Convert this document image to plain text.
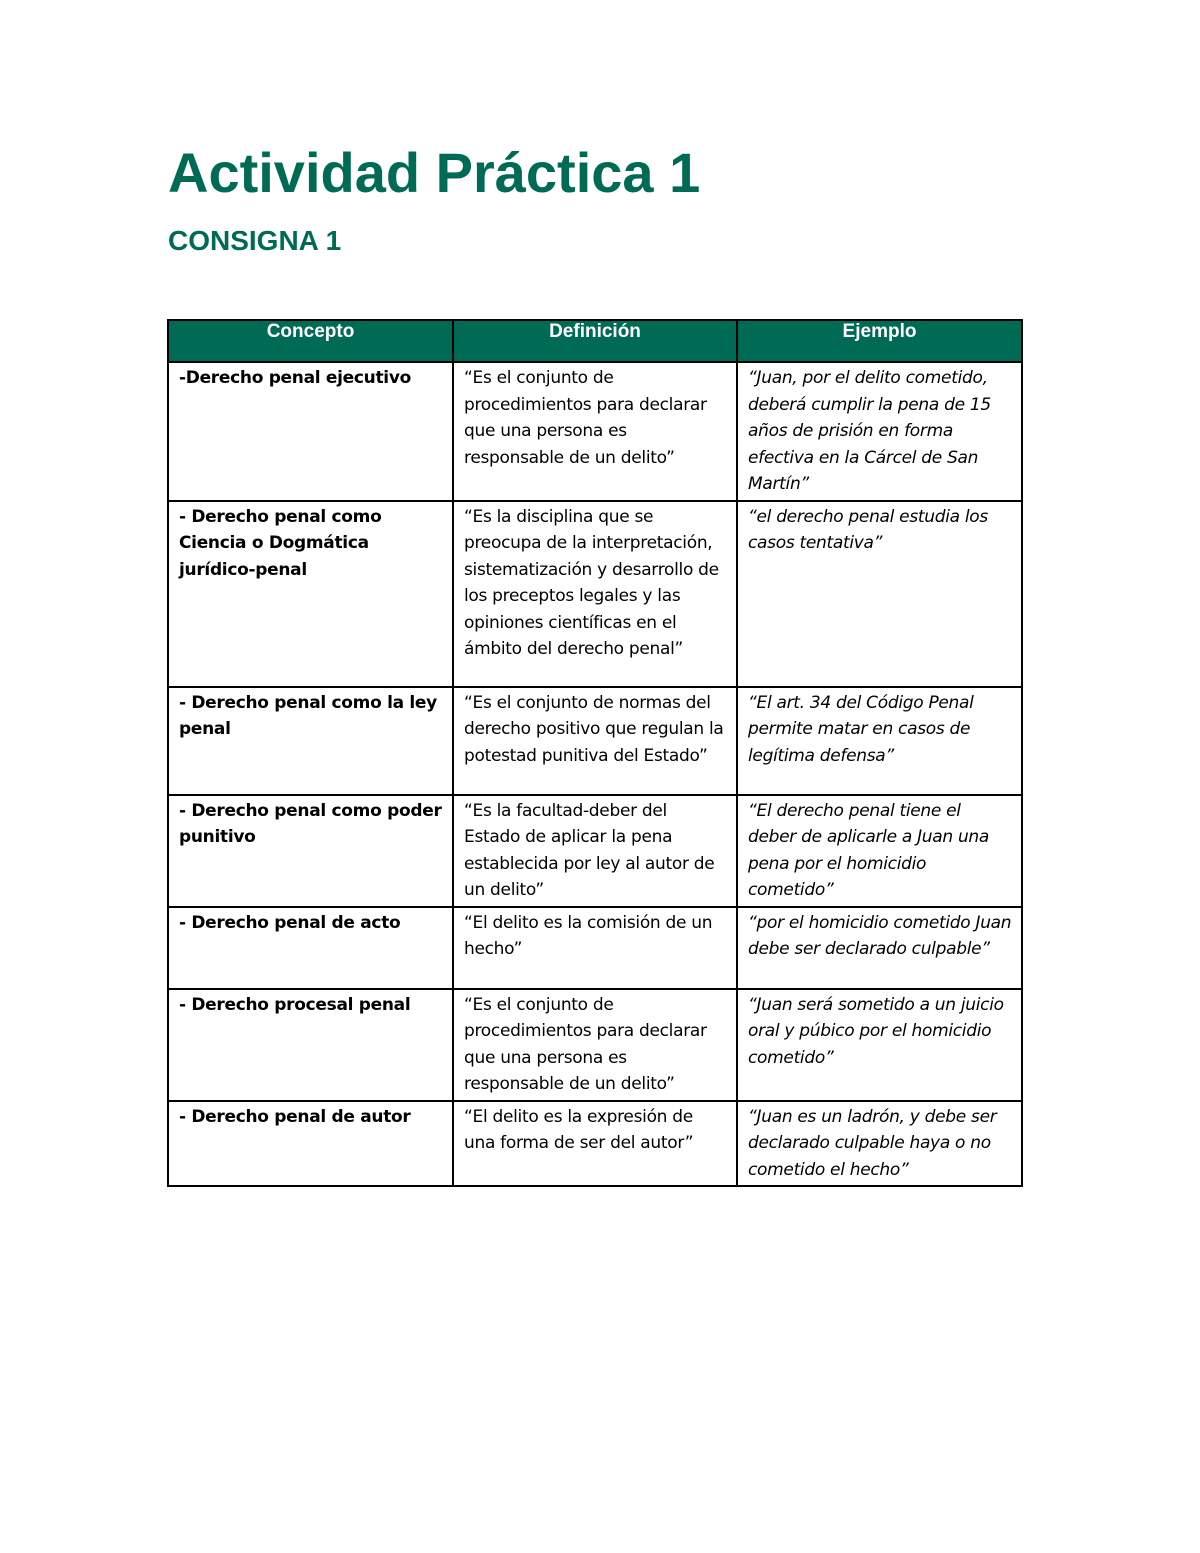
Actividad Práctica 1
CONSIGNA 1
Concepto	Definición	Ejemplo
-Derecho penal ejecutivo	“Es el conjunto de procedimientos para declarar que una persona es responsable de un delito”	“Juan, por el delito cometido, deberá cumplir la pena de 15 años de prisión en forma efectiva en la Cárcel de San Martín”
- Derecho penal como Ciencia o Dogmática jurídico-penal	“Es la disciplina que se preocupa de la interpretación, sistematización y desarrollo de los preceptos legales y las opiniones científicas en el ámbito del derecho penal”	“el derecho penal estudia los casos tentativa”
- Derecho penal como la ley penal	“Es el conjunto de normas del derecho positivo que regulan la potestad punitiva del Estado”	“El art. 34 del Código Penal permite matar en casos de legítima defensa”
- Derecho penal como poder punitivo	“Es la facultad-deber del Estado de aplicar la pena establecida por ley al autor de un delito”	“El derecho penal tiene el deber de aplicarle a Juan una pena por el homicidio cometido”
- Derecho penal de acto	“El delito es la comisión de un hecho”	“por el homicidio cometido Juan debe ser declarado culpable”
- Derecho procesal penal	“Es el conjunto de procedimientos para declarar que una persona es responsable de un delito”	“Juan será sometido a un juicio oral y púbico por el homicidio cometido”
- Derecho penal de autor	“El delito es la expresión de una forma de ser del autor”	“Juan es un ladrón, y debe ser declarado culpable haya o no cometido el hecho”
